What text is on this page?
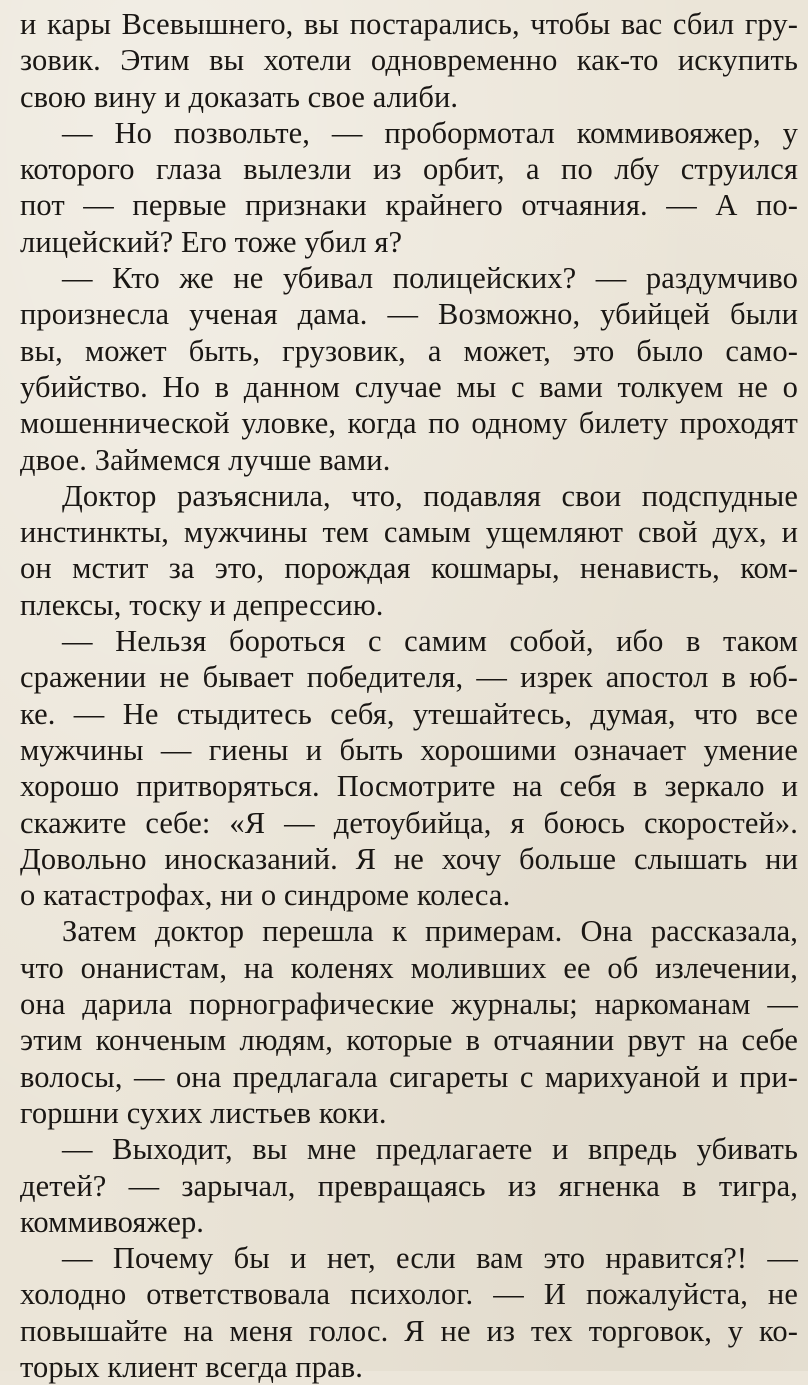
и кары Всевышнего, вы постарались, чтобы вас сбил гру-
зовик. Этим вы хотели одновременно как-то искупить
свою вину и доказать свое алиби.
— Но позвольте, — пробормотал коммивояжер, у
которого глаза вылезли из орбит, а по лбу струился
пот — первые признаки крайнего отчаяния. — А по-
лицейский? Его тоже убил я?
— Кто же не убивал полицейских? — раздумчиво
произнесла ученая дама. — Возможно, убийцей были
вы, может быть, грузовик, а может, это было само-
убийство. Но в данном случае мы с вами толкуем не о
мошеннической уловке, когда по одному билету проходят
двое. Займемся лучше вами.
Доктор разъяснила, что, подавляя свои подспудные
инстинкты, мужчины тем самым ущемляют свой дух, и
он мстит за это, порождая кошмары, ненависть, ком-
плексы, тоску и депрессию.
— Нельзя бороться с самим собой, ибо в таком
сражении не бывает победителя, — изрек апостол в юб-
ке. — Не стыдитесь себя, утешайтесь, думая, что все
мужчины — гиены и быть хорошими означает умение
хорошо притворяться. Посмотрите на себя в зеркало и
скажите себе: «Я — детоубийца, я боюсь скоростей».
Довольно иносказаний. Я не хочу больше слышать ни
о катастрофах, ни о синдроме колеса.
Затем доктор перешла к примерам. Она рассказала,
что онанистам, на коленях моливших ее об излечении,
она дарила порнографические журналы; наркоманам —
этим конченым людям, которые в отчаянии рвут на себе
волосы, — она предлагала сигареты с марихуаной и при-
горшни сухих листьев коки.
— Выходит, вы мне предлагаете и впредь убивать
детей? — зарычал, превращаясь из ягненка в тигра,
коммивояжер.
— Почему бы и нет, если вам это нравится?! —
холодно ответствовала психолог. — И пожалуйста, не
повышайте на меня голос. Я не из тех торговок, у ко-
торых клиент всегда прав.
